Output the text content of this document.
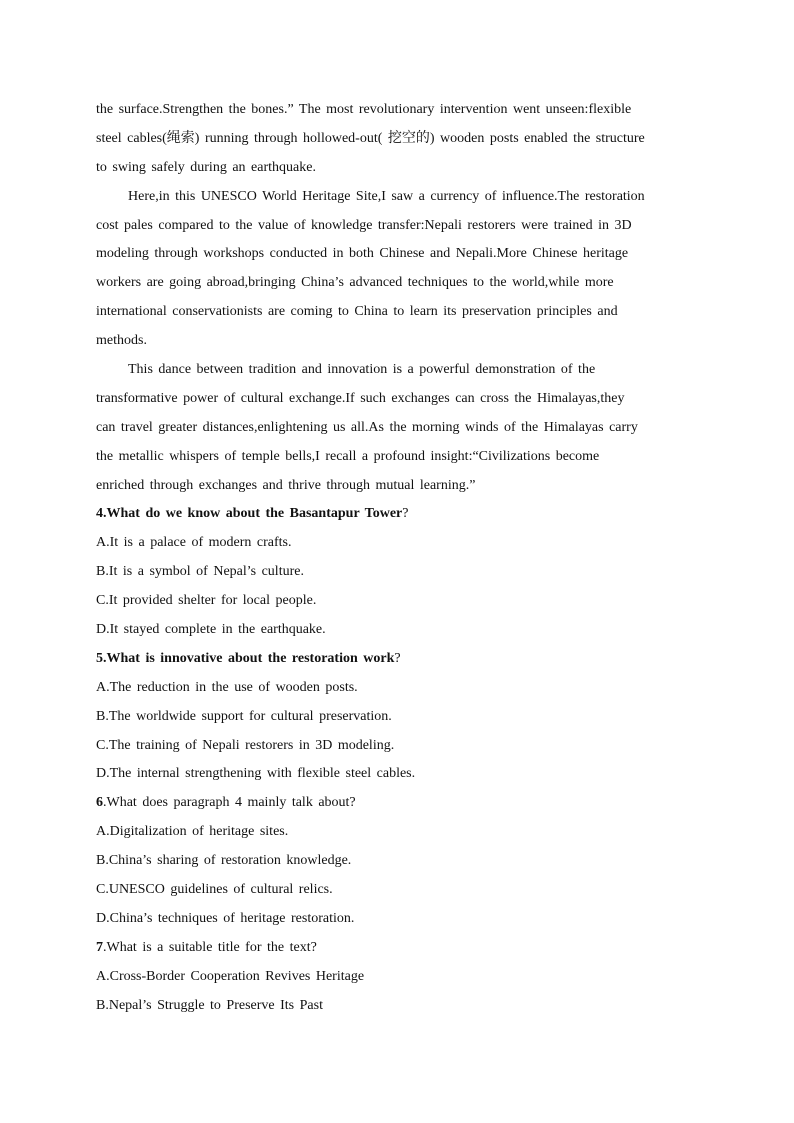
the surface.Strengthen the bones.” The most revolutionary intervention went unseen:flexible
steel cables(绳索) running through hollowed-out( 挖空的) wooden posts enabled the structure
to swing safely during an earthquake.
Here,in this UNESCO World Heritage Site,I saw a currency of influence.The restoration
cost pales compared to the value of knowledge transfer:Nepali restorers were trained in 3D
modeling through workshops conducted in both Chinese and Nepali.More Chinese heritage
workers are going abroad,bringing China’s advanced techniques to the world,while more
international conservationists are coming to China to learn its preservation principles and
methods.
This dance between tradition and innovation is a powerful demonstration of the
transformative power of cultural exchange.If such exchanges can cross the Himalayas,they
can travel greater distances,enlightening us all.As the morning winds of the Himalayas carry
the metallic whispers of temple bells,I recall a profound insight:“Civilizations become
enriched through exchanges and thrive through mutual learning.”
4.What do we know about the Basantapur Tower?
A.It is a palace of modern crafts.
B.It is a symbol of Nepal’s culture.
C.It provided shelter for local people.
D.It stayed complete in the earthquake.
5.What is innovative about the restoration work?
A.The reduction in the use of wooden posts.
B.The worldwide support for cultural preservation.
C.The training of Nepali restorers in 3D modeling.
D.The internal strengthening with flexible steel cables.
6.What does paragraph 4 mainly talk about?
A.Digitalization of heritage sites.
B.China’s sharing of restoration knowledge.
C.UNESCO guidelines of cultural relics.
D.China’s techniques of heritage restoration.
7.What is a suitable title for the text?
A.Cross-Border Cooperation Revives Heritage
B.Nepal’s Struggle to Preserve Its Past
